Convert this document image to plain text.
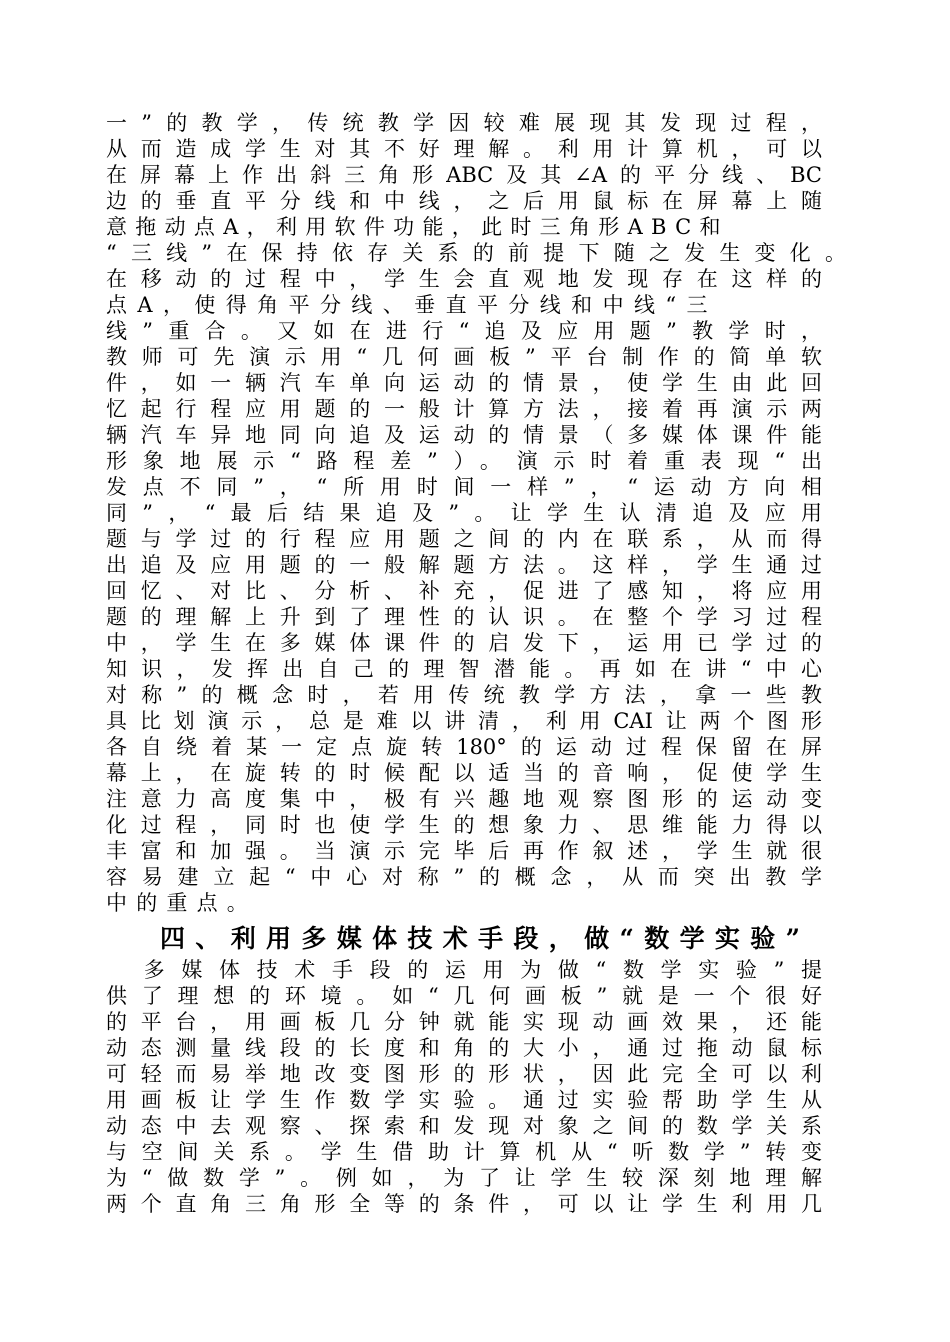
一”的教学，传统教学因较难展现其发现过程，
从而造成学生对其不好理解。利用计算机，可以
在屏幕上作出斜三角形ABC及其∠A的平分线、BC
边的垂直平分线和中线，之后用鼠标在屏幕上随
意拖动点A，利用软件功能，此时三角形ABC和
“三线”在保持依存关系的前提下随之发生变化。
在移动的过程中，学生会直观地发现存在这样的
点A，使得角平分线、垂直平分线和中线“三
线”重合。又如在进行“追及应用题”教学时，
教师可先演示用“几何画板”平台制作的简单软
件，如一辆汽车单向运动的情景，使学生由此回
忆起行程应用题的一般计算方法，接着再演示两
辆汽车异地同向追及运动的情景（多媒体课件能
形象地展示“路程差”）。演示时着重表现“出
发点不同”，“所用时间一样”，“运动方向相
同”，“最后结果追及”。让学生认清追及应用
题与学过的行程应用题之间的内在联系，从而得
出追及应用题的一般解题方法。这样，学生通过
回忆、对比、分析、补充，促进了感知，将应用
题的理解上升到了理性的认识。在整个学习过程
中，学生在多媒体课件的启发下，运用已学过的
知识，发挥出自己的理智潜能。再如在讲“中心
对称”的概念时，若用传统教学方法，拿一些教
具比划演示，总是难以讲清，利用CAI让两个图形
各自绕着某一定点旋转180°的运动过程保留在屏
幕上，在旋转的时候配以适当的音响，促使学生
注意力高度集中，极有兴趣地观察图形的运动变
化过程，同时也使学生的想象力、思维能力得以
丰富和加强。当演示完毕后再作叙述，学生就很
容易建立起“中心对称”的概念，从而突出教学
中的重点。
四、利用多媒体技术手段，做“数学实验”
　多媒体技术手段的运用为做“数学实验”提
供了理想的环境。如“几何画板”就是一个很好
的平台，用画板几分钟就能实现动画效果，还能
动态测量线段的长度和角的大小，通过拖动鼠标
可轻而易举地改变图形的形状，因此完全可以利
用画板让学生作数学实验。通过实验帮助学生从
动态中去观察、探索和发现对象之间的数学关系
与空间关系。学生借助计算机从“听数学”转变
为“做数学”。例如，为了让学生较深刻地理解
两个直角三角形全等的条件，可以让学生利用几
